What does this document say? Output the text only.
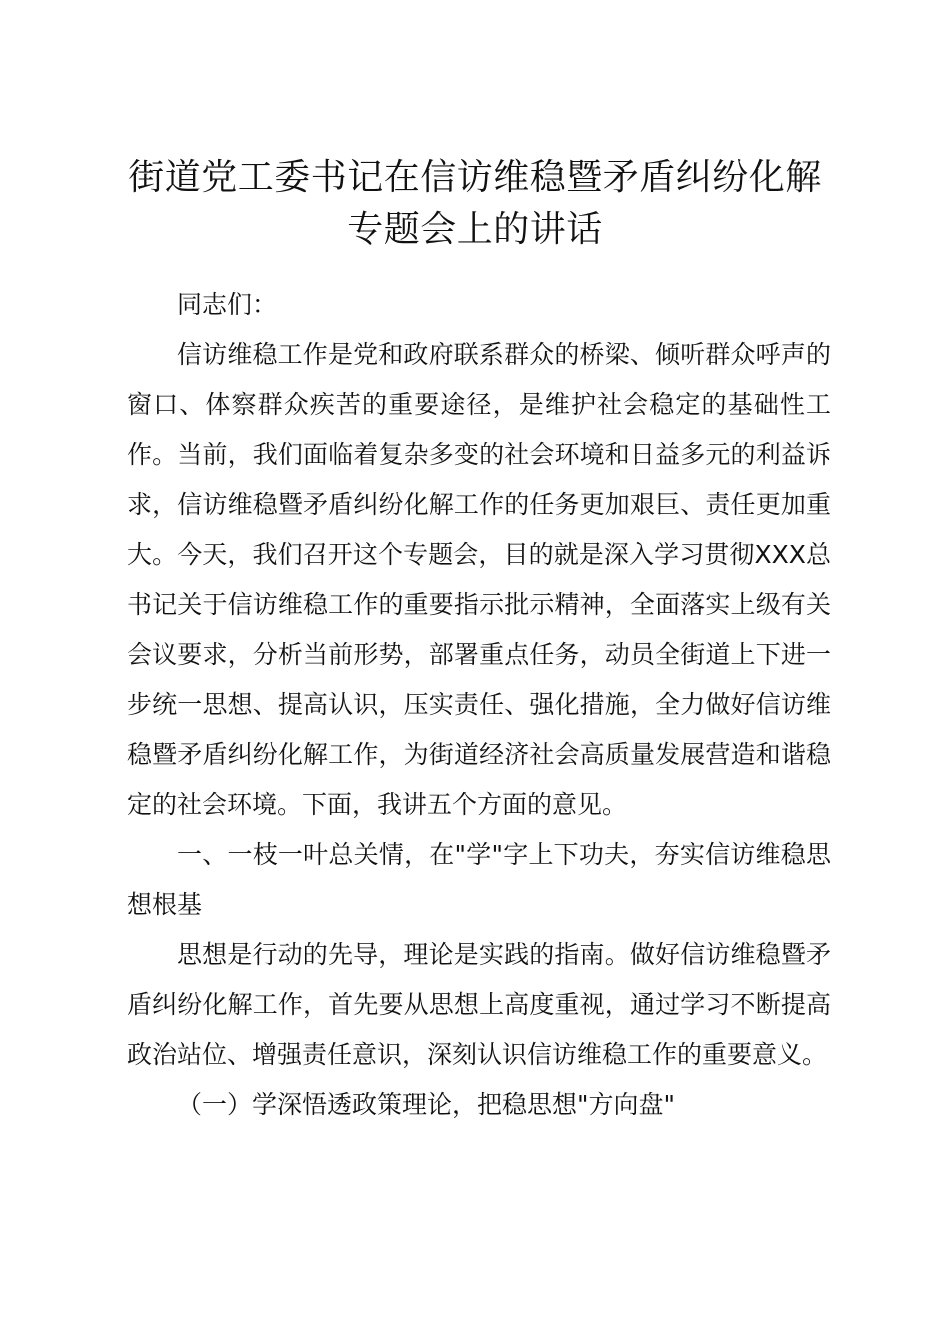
街道党工委书记在信访维稳暨矛盾纠纷化解专题会上的讲话

同志们：

信访维稳工作是党和政府联系群众的桥梁、倾听群众呼声的窗口、体察群众疾苦的重要途径，是维护社会稳定的基础性工作。当前，我们面临着复杂多变的社会环境和日益多元的利益诉求，信访维稳暨矛盾纠纷化解工作的任务更加艰巨、责任更加重大。今天，我们召开这个专题会，目的就是深入学习贯彻XXX总书记关于信访维稳工作的重要指示批示精神，全面落实上级有关会议要求，分析当前形势，部署重点任务，动员全街道上下进一步统一思想、提高认识，压实责任、强化措施，全力做好信访维稳暨矛盾纠纷化解工作，为街道经济社会高质量发展营造和谐稳定的社会环境。下面，我讲五个方面的意见。

一、一枝一叶总关情，在"学"字上下功夫，夯实信访维稳思想根基

思想是行动的先导，理论是实践的指南。做好信访维稳暨矛盾纠纷化解工作，首先要从思想上高度重视，通过学习不断提高政治站位、增强责任意识，深刻认识信访维稳工作的重要意义。

（一）学深悟透政策理论，把稳思想"方向盘"
